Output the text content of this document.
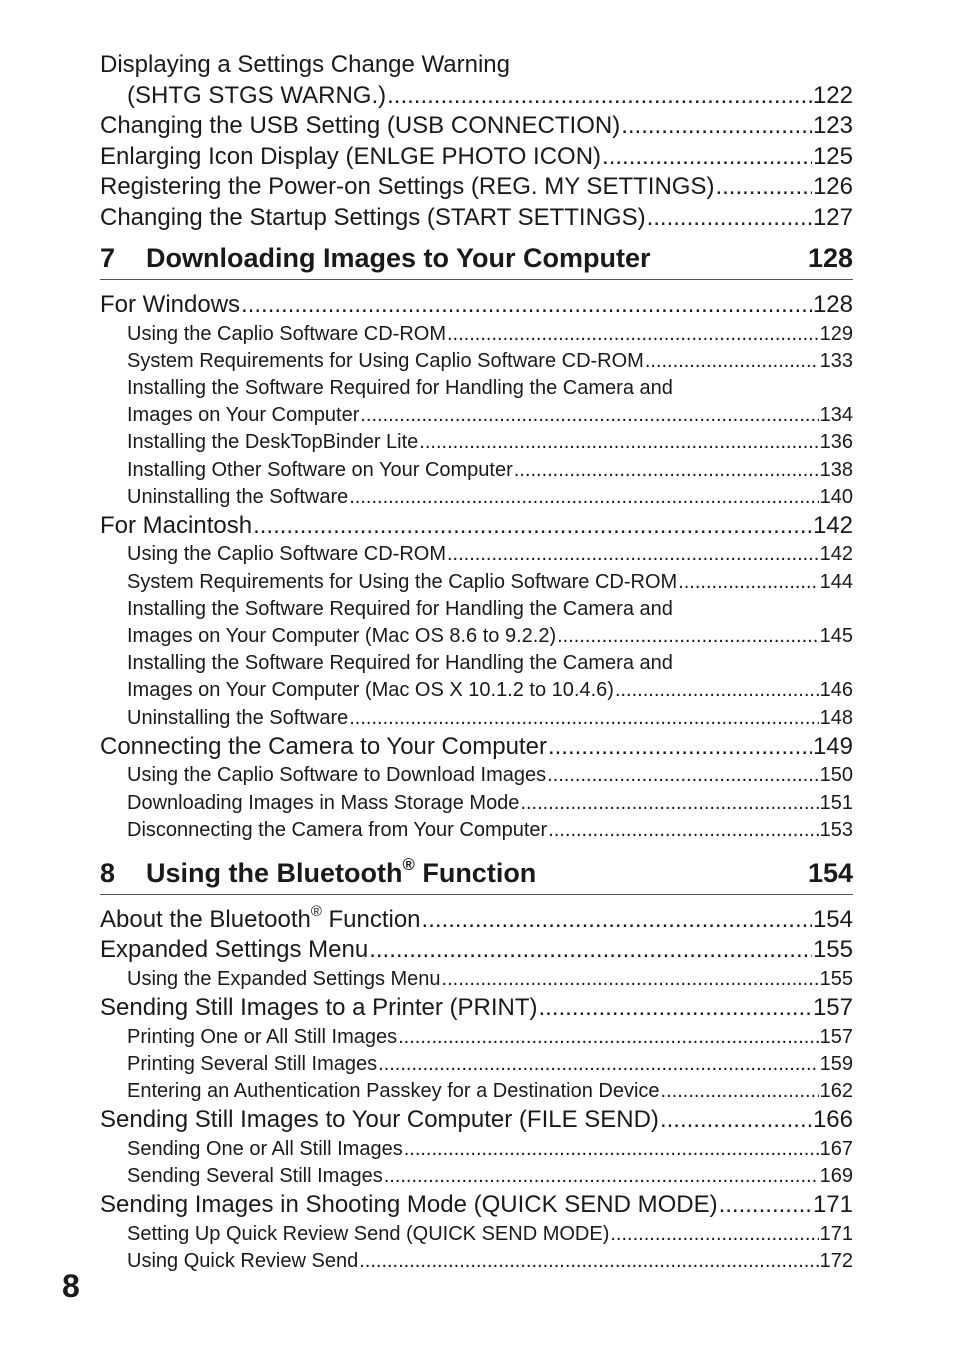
Displaying a Settings Change Warning
(SHTG STGS WARNG.) .....	122
Changing the USB Setting (USB CONNECTION) .....	123
Enlarging Icon Display (ENLGE PHOTO ICON) .....	125
Registering the Power-on Settings (REG. MY SETTINGS) .....	126
Changing the Startup Settings (START SETTINGS) .....	127
7 Downloading Images to Your Computer	128
For Windows .....	128
Using the Caplio Software CD-ROM .....	129
System Requirements for Using Caplio Software CD-ROM .....	133
Installing the Software Required for Handling the Camera and
Images on Your Computer .....	134
Installing the DeskTopBinder Lite .....	136
Installing Other Software on Your Computer .....	138
Uninstalling the Software .....	140
For Macintosh .....	142
Using the Caplio Software CD-ROM .....	142
System Requirements for Using the Caplio Software CD-ROM .....	144
Installing the Software Required for Handling the Camera and
Images on Your Computer (Mac OS 8.6 to 9.2.2) .....	145
Installing the Software Required for Handling the Camera and
Images on Your Computer (Mac OS X 10.1.2 to 10.4.6) .....	146
Uninstalling the Software .....	148
Connecting the Camera to Your Computer .....	149
Using the Caplio Software to Download Images .....	150
Downloading Images in Mass Storage Mode .....	151
Disconnecting the Camera from Your Computer .....	153
8 Using the Bluetooth® Function	154
About the Bluetooth® Function .....	154
Expanded Settings Menu .....	155
Using the Expanded Settings Menu .....	155
Sending Still Images to a Printer (PRINT) .....	157
Printing One or All Still Images .....	157
Printing Several Still Images .....	159
Entering an Authentication Passkey for a Destination Device .....	162
Sending Still Images to Your Computer (FILE SEND) .....	166
Sending One or All Still Images .....	167
Sending Several Still Images .....	169
Sending Images in Shooting Mode (QUICK SEND MODE) .....	171
Setting Up Quick Review Send (QUICK SEND MODE) .....	171
Using Quick Review Send .....	172
8
